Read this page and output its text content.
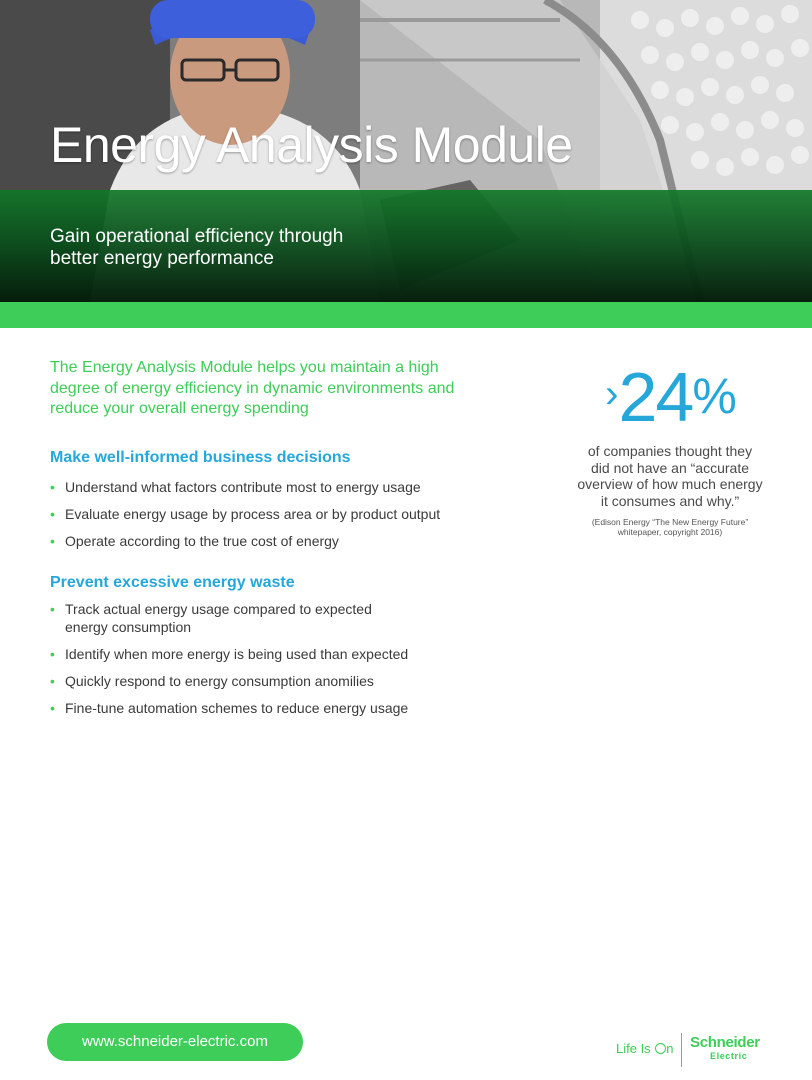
Energy Analysis Module
Gain operational efficiency through
better energy performance
The Energy Analysis Module helps you maintain a high
degree of energy efficiency in dynamic environments and
reduce your overall energy spending
Make well-informed business decisions
• Understand what factors contribute most to energy usage
• Evaluate energy usage by process area or by product output
• Operate according to the true cost of energy
Prevent excessive energy waste
• Track actual energy usage compared to expected
energy consumption
• Identify when more energy is being used than expected
• Quickly respond to energy consumption anomilies
• Fine-tune automation schemes to reduce energy usage
›24%
of companies thought they
did not have an “accurate
overview of how much energy
it consumes and why.”
(Edison Energy “The New Energy Future”
whitepaper, copyright 2016)
www.schneider-electric.com	Life Is n Schneider
Electric
